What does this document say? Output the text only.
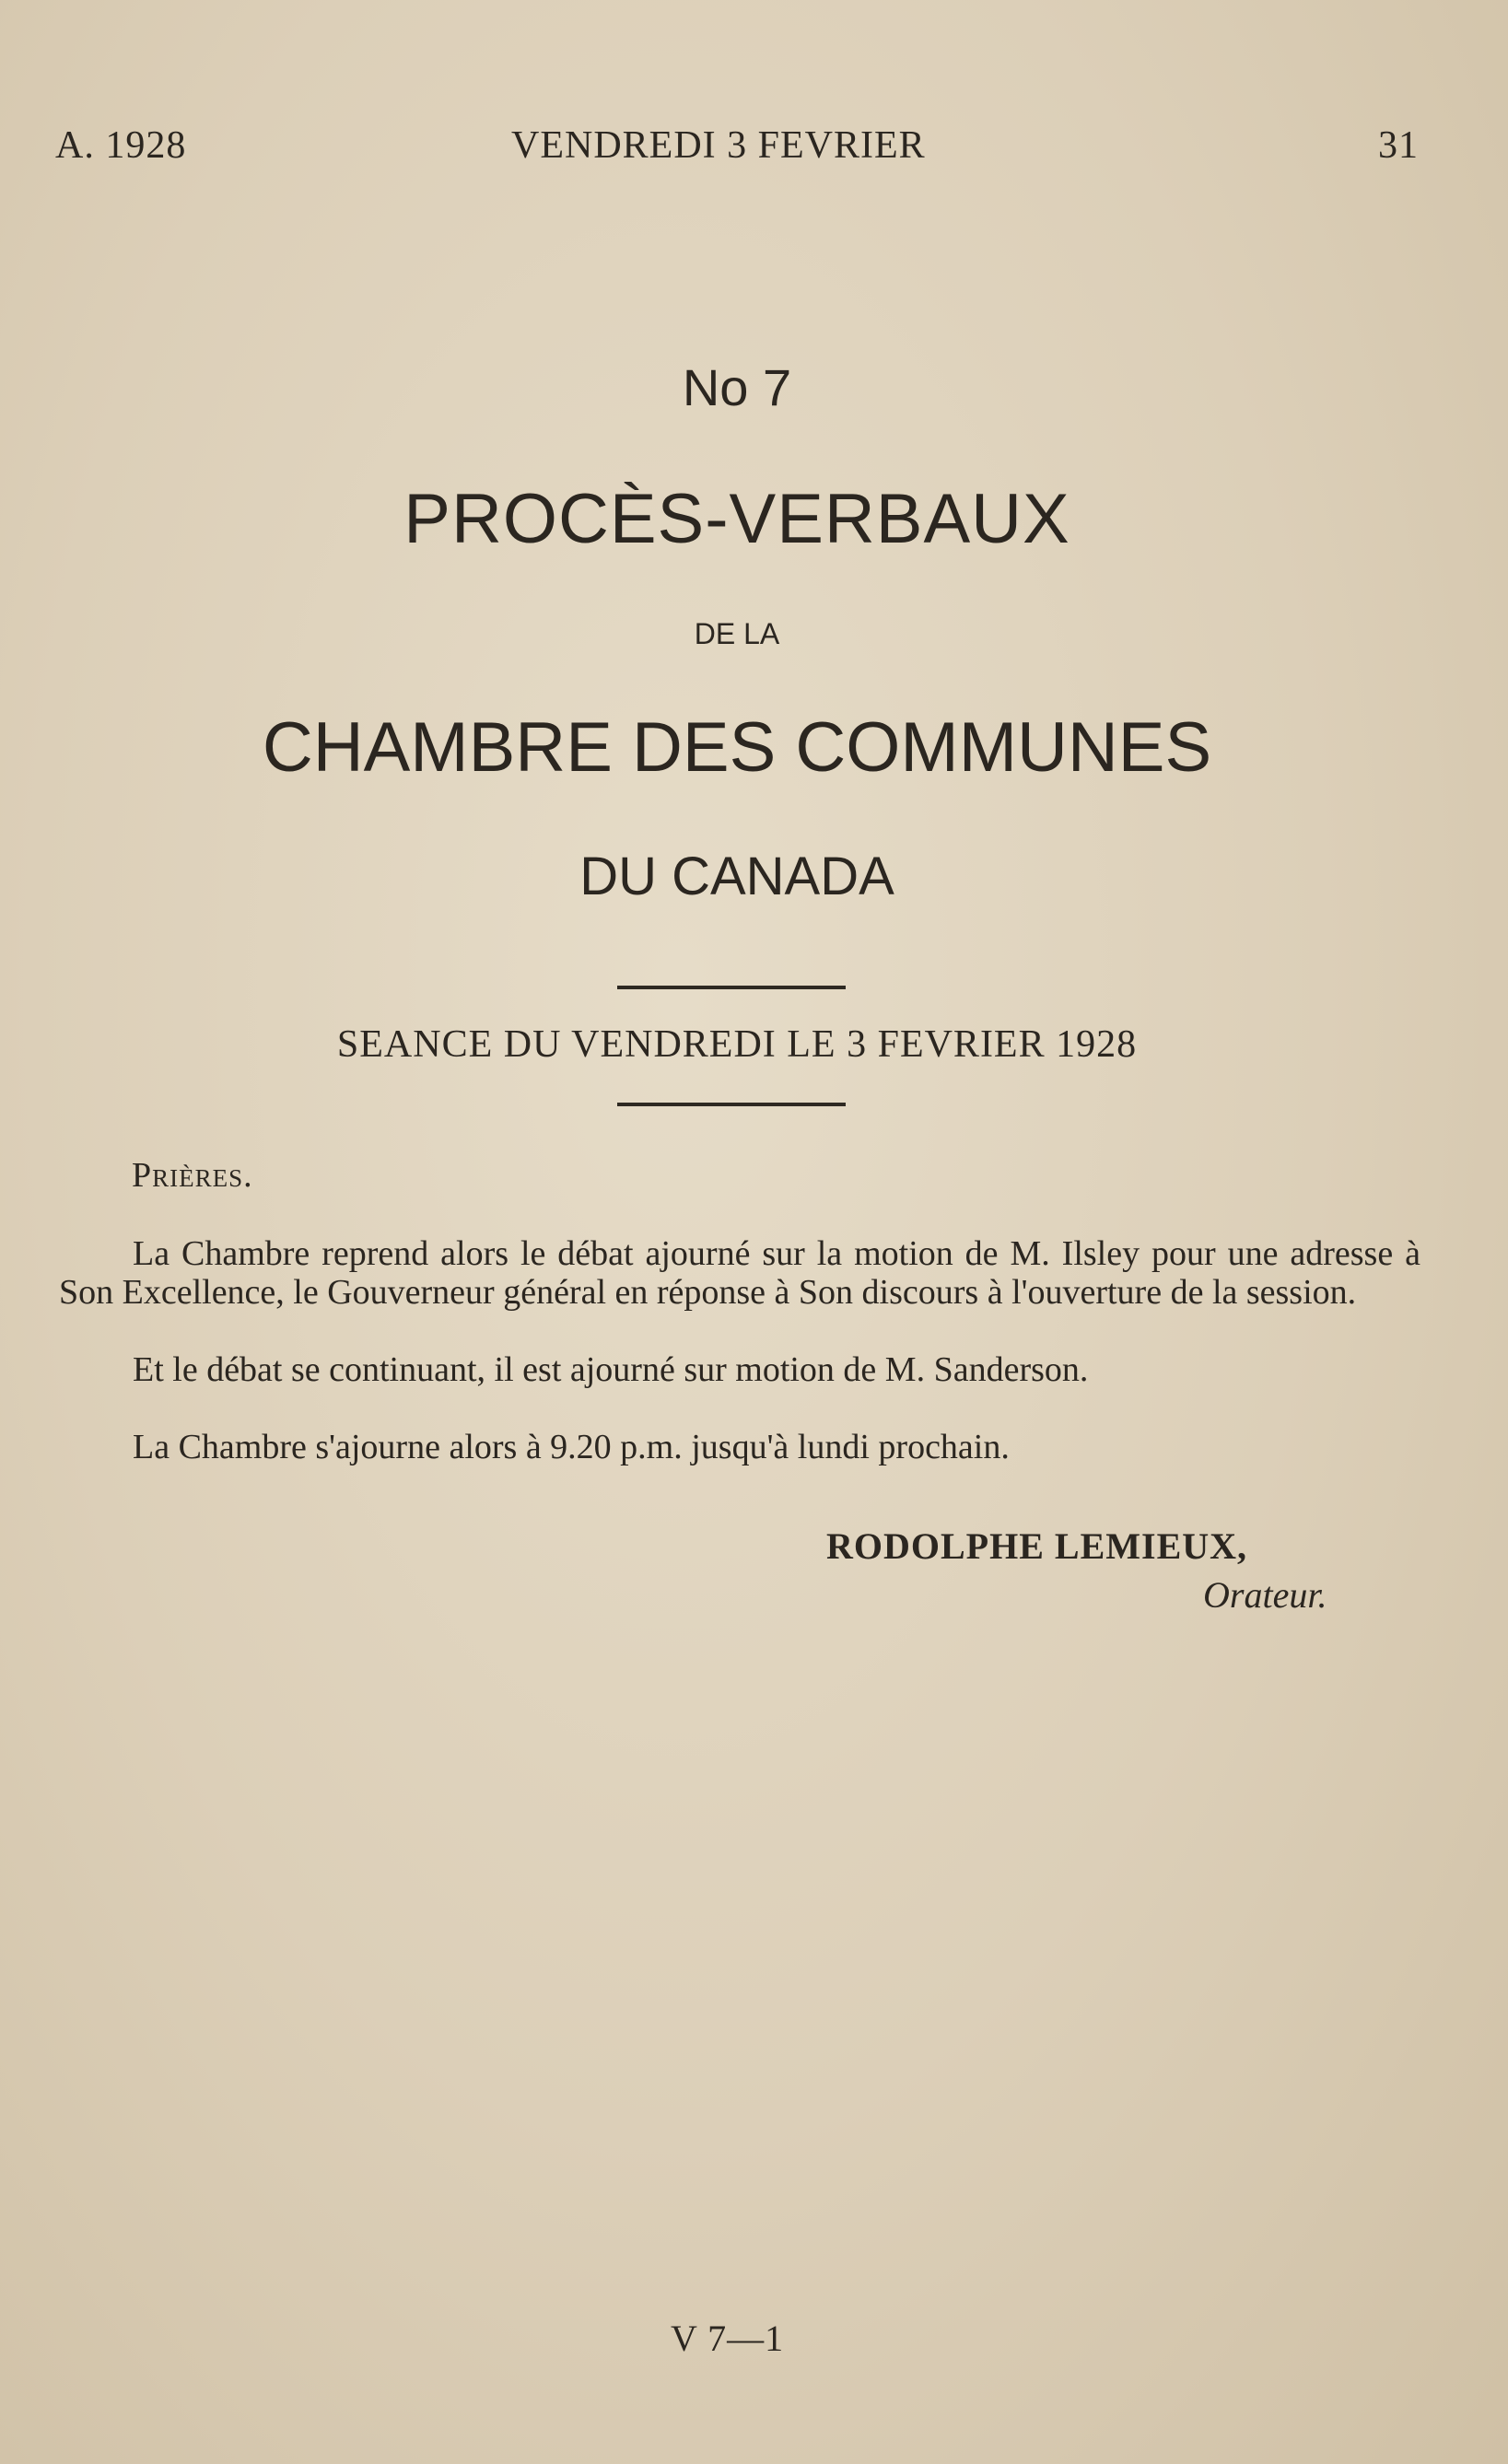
A. 1928	VENDREDI 3 FEVRIER	31
No 7
PROCÈS-VERBAUX
DE LA
CHAMBRE DES COMMUNES
DU CANADA
SEANCE DU VENDREDI LE 3 FEVRIER 1928
Prières.
La Chambre reprend alors le débat ajourné sur la motion de M. Ilsley pour une adresse à Son Excellence, le Gouverneur général en réponse à Son discours à l'ouverture de la session.
Et le débat se continuant, il est ajourné sur motion de M. Sanderson.
La Chambre s'ajourne alors à 9.20 p.m. jusqu'à lundi prochain.
RODOLPHE LEMIEUX,
Orateur.
V 7—1
